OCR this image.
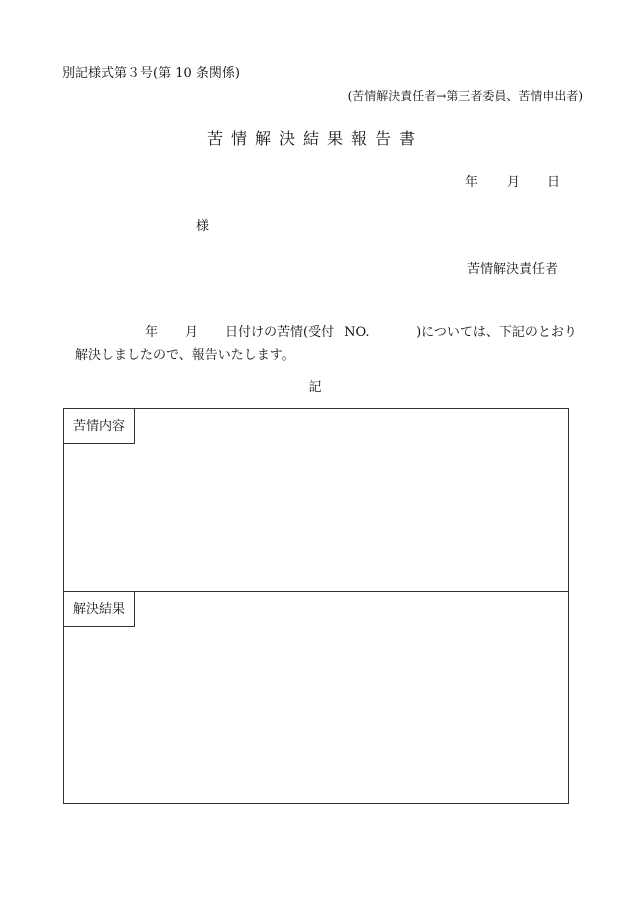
別記様式第３号(第 10 条関係)
(苦情解決責任者→第三者委員、苦情申出者)
苦情解決結果報告書
年 月 日
様
苦情解決責任者
年 月 日付けの苦情(受付 NO.	)については、下記のとおり
解決しましたので、報告いたします。
記
苦情内容
解決結果
